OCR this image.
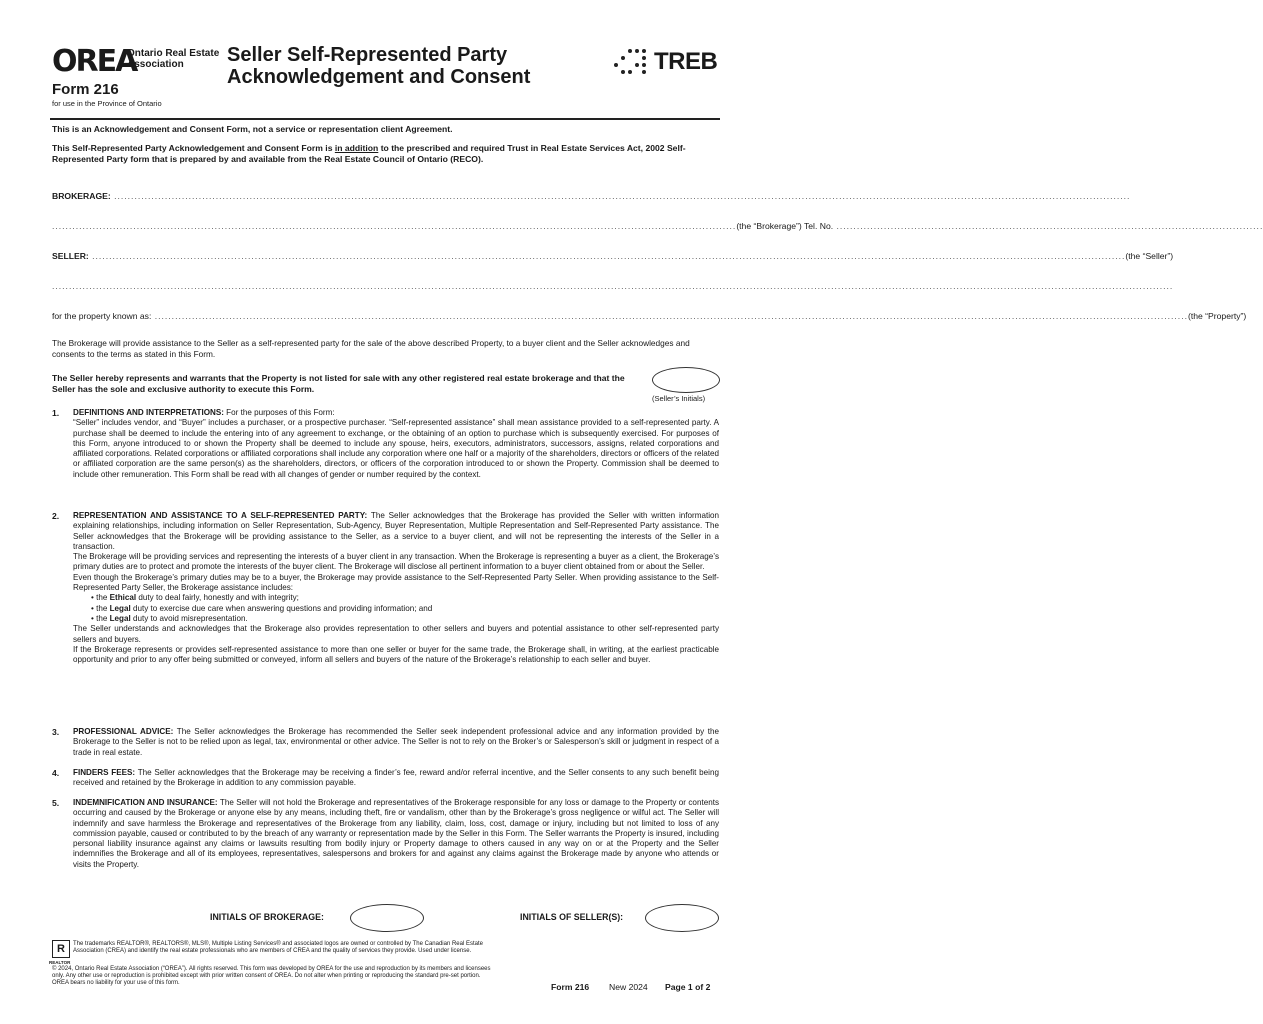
OREA
Ontario Real Estate
Association
Form 216
for use in the Province of Ontario
Seller Self-Represented Party
Acknowledgement and Consent
TREB
This is an Acknowledgement and Consent Form, not a service or representation client Agreement.
This Self-Represented Party Acknowledgement and Consent Form is in addition to the prescribed and required Trust in Real Estate Services Act, 2002 Self-Represented Party form that is prepared by and available from the Real Estate Council of Ontario (RECO).
BROKERAGE: ............................................................................................................................................................................................................................................................................................................
.......................................................................................................................................................................................................... (the “Brokerage”) Tel. No. ..............................................................................................................................
SELLER: ................................................................................................................................................................................................................................................................................................................. (the “Seller”)
...........................................................................................................................................................................................................................................................................................................................................
for the property known as: ................................................................................................................................................................................................................................................................................................................. (the “Property”)
The Brokerage will provide assistance to the Seller as a self-represented party for the sale of the above described Property, to a buyer client and the Seller acknowledges and consents to the terms as stated in this Form.
The Seller hereby represents and warrants that the Property is not listed for sale with any other registered real estate brokerage and that the Seller has the sole and exclusive authority to execute this Form.
(Seller’s Initials)
1. DEFINITIONS AND INTERPRETATIONS: For the purposes of this Form:
“Seller” includes vendor, and “Buyer” includes a purchaser, or a prospective purchaser. “Self-represented assistance” shall mean assistance provided to a self-represented party. A purchase shall be deemed to include the entering into of any agreement to exchange, or the obtaining of an option to purchase which is subsequently exercised. For purposes of this Form, anyone introduced to or shown the Property shall be deemed to include any spouse, heirs, executors, administrators, successors, assigns, related corporations and affiliated corporations. Related corporations or affiliated corporations shall include any corporation where one half or a majority of the shareholders, directors or officers of the related or affiliated corporation are the same person(s) as the shareholders, directors, or officers of the corporation introduced to or shown the Property. Commission shall be deemed to include other remuneration. This Form shall be read with all changes of gender or number required by the context.
2. REPRESENTATION AND ASSISTANCE TO A SELF-REPRESENTED PARTY: The Seller acknowledges that the Brokerage has provided the Seller with written information explaining relationships, including information on Seller Representation, Sub-Agency, Buyer Representation, Multiple Representation and Self-Represented Party assistance. The Seller acknowledges that the Brokerage will be providing assistance to the Seller, as a service to a buyer client, and will not be representing the interests of the Seller in a transaction.
The Brokerage will be providing services and representing the interests of a buyer client in any transaction. When the Brokerage is representing a buyer as a client, the Brokerage’s primary duties are to protect and promote the interests of the buyer client. The Brokerage will disclose all pertinent information to a buyer client obtained from or about the Seller.
Even though the Brokerage’s primary duties may be to a buyer, the Brokerage may provide assistance to the Self-Represented Party Seller. When providing assistance to the Self-Represented Party Seller, the Brokerage assistance includes:
• the Ethical duty to deal fairly, honestly and with integrity;
• the Legal duty to exercise due care when answering questions and providing information; and
• the Legal duty to avoid misrepresentation.
The Seller understands and acknowledges that the Brokerage also provides representation to other sellers and buyers and potential assistance to other self-represented party sellers and buyers.
If the Brokerage represents or provides self-represented assistance to more than one seller or buyer for the same trade, the Brokerage shall, in writing, at the earliest practicable opportunity and prior to any offer being submitted or conveyed, inform all sellers and buyers of the nature of the Brokerage’s relationship to each seller and buyer.
3. PROFESSIONAL ADVICE: The Seller acknowledges the Brokerage has recommended the Seller seek independent professional advice and any information provided by the Brokerage to the Seller is not to be relied upon as legal, tax, environmental or other advice. The Seller is not to rely on the Broker’s or Salesperson’s skill or judgment in respect of a trade in real estate.
4. FINDERS FEES: The Seller acknowledges that the Brokerage may be receiving a finder’s fee, reward and/or referral incentive, and the Seller consents to any such benefit being received and retained by the Brokerage in addition to any commission payable.
5. INDEMNIFICATION AND INSURANCE: The Seller will not hold the Brokerage and representatives of the Brokerage responsible for any loss or damage to the Property or contents occurring and caused by the Brokerage or anyone else by any means, including theft, fire or vandalism, other than by the Brokerage’s gross negligence or wilful act. The Seller will indemnify and save harmless the Brokerage and representatives of the Brokerage from any liability, claim, loss, cost, damage or injury, including but not limited to loss of any commission payable, caused or contributed to by the breach of any warranty or representation made by the Seller in this Form. The Seller warrants the Property is insured, including personal liability insurance against any claims or lawsuits resulting from bodily injury or Property damage to others caused in any way on or at the Property and the Seller indemnifies the Brokerage and all of its employees, representatives, salespersons and brokers for and against any claims against the Brokerage made by anyone who attends or visits the Property.
INITIALS OF BROKERAGE:	INITIALS OF SELLER(S):
R
REALTOR
The trademarks REALTOR®, REALTORS®, MLS®, Multiple Listing Services® and associated logos are owned or controlled by The Canadian Real Estate Association (CREA) and identify the real estate professionals who are members of CREA and the quality of services they provide. Used under license.
© 2024, Ontario Real Estate Association (“OREA”). All rights reserved. This form was developed by OREA for the use and reproduction by its members and licensees only. Any other use or reproduction is prohibited except with prior written consent of OREA. Do not alter when printing or reproducing the standard pre-set portion. OREA bears no liability for your use of this form.	Form 216 New 2024 Page 1 of 2
